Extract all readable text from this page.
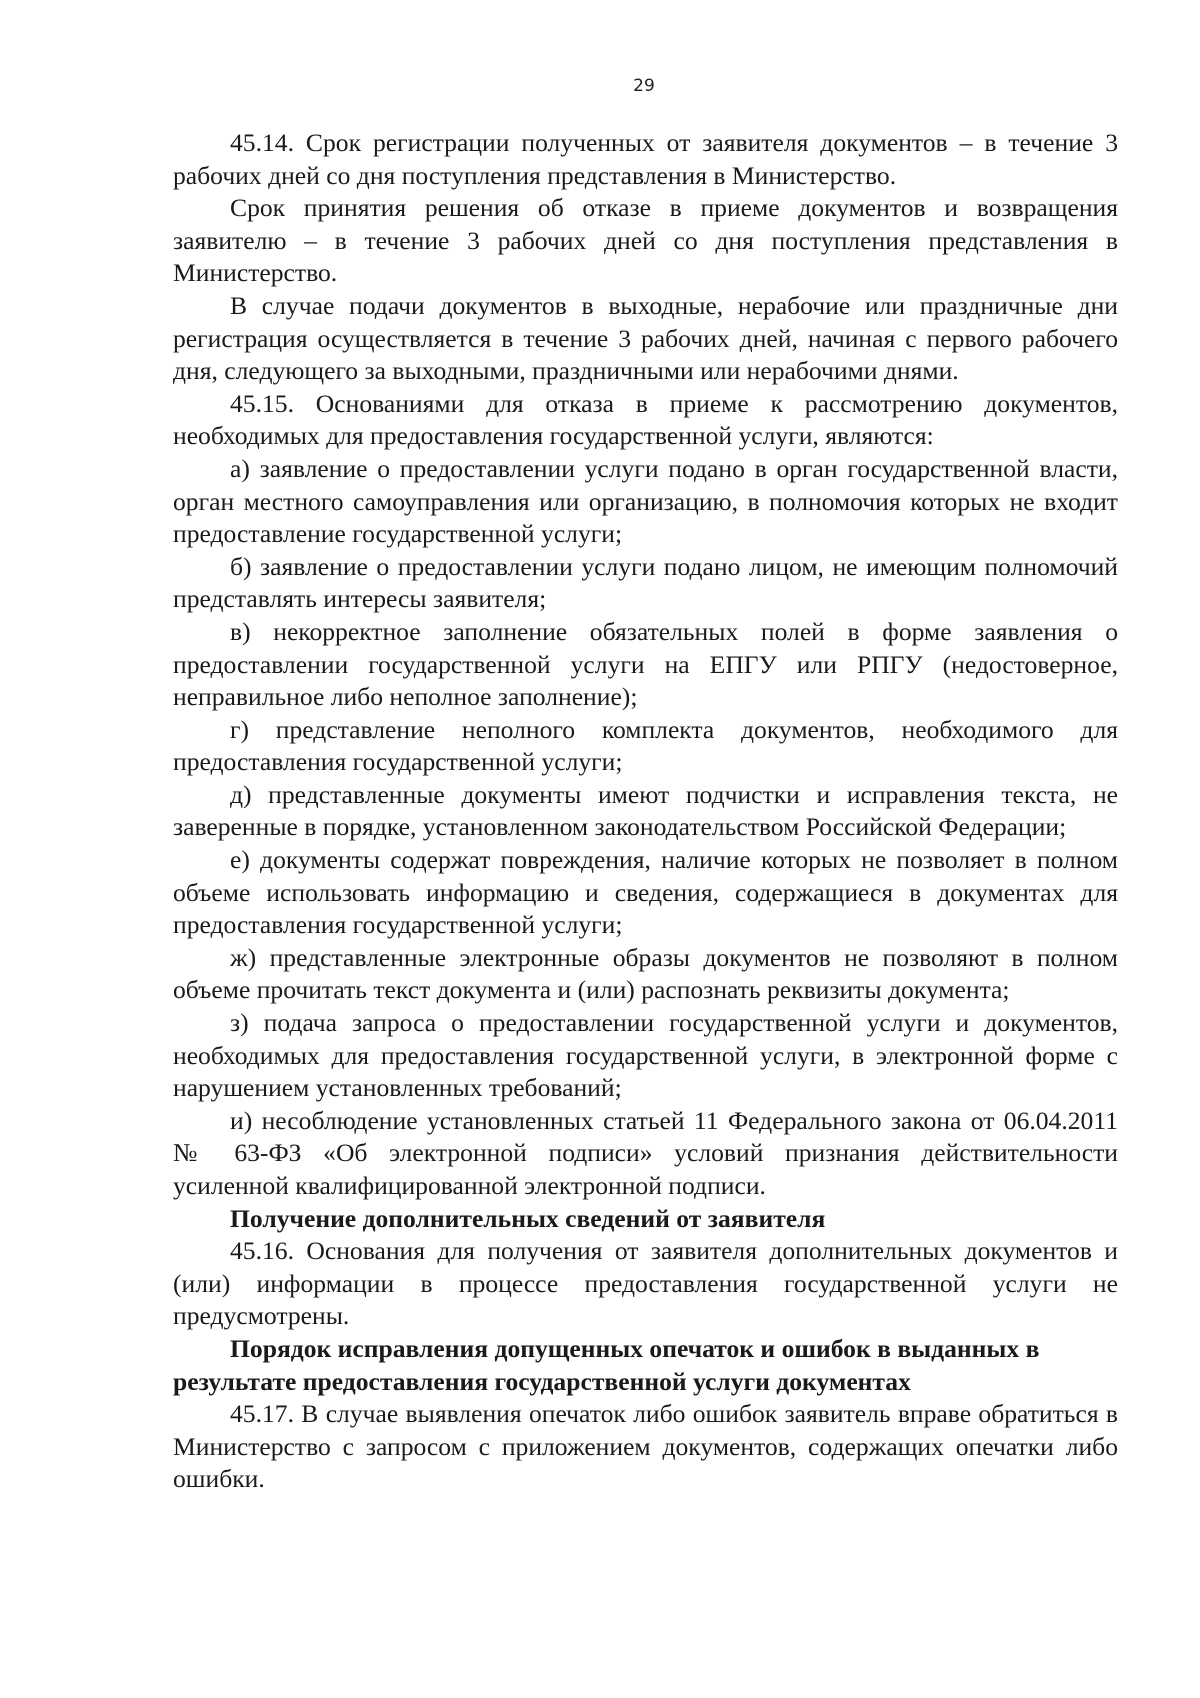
29

45.14. Срок регистрации полученных от заявителя документов – в течение 3 рабочих дней со дня поступления представления в Министерство.

Срок принятия решения об отказе в приеме документов и возвращения заявителю – в течение 3 рабочих дней со дня поступления представления в Министерство.

В случае подачи документов в выходные, нерабочие или праздничные дни регистрация осуществляется в течение 3 рабочих дней, начиная с первого рабочего дня, следующего за выходными, праздничными или нерабочими днями.

45.15. Основаниями для отказа в приеме к рассмотрению документов, необходимых для предоставления государственной услуги, являются:

а) заявление о предоставлении услуги подано в орган государственной власти, орган местного самоуправления или организацию, в полномочия которых не входит предоставление государственной услуги;

б) заявление о предоставлении услуги подано лицом, не имеющим полномочий представлять интересы заявителя;

в) некорректное заполнение обязательных полей в форме заявления о предоставлении государственной услуги на ЕПГУ или РПГУ (недостоверное, неправильное либо неполное заполнение);

г) представление неполного комплекта документов, необходимого для предоставления государственной услуги;

д) представленные документы имеют подчистки и исправления текста, не заверенные в порядке, установленном законодательством Российской Федерации;

е) документы содержат повреждения, наличие которых не позволяет в полном объеме использовать информацию и сведения, содержащиеся в документах для предоставления государственной услуги;

ж) представленные электронные образы документов не позволяют в полном объеме прочитать текст документа и (или) распознать реквизиты документа;

з) подача запроса о предоставлении государственной услуги и документов, необходимых для предоставления государственной услуги, в электронной форме с нарушением установленных требований;

и) несоблюдение установленных статьей 11 Федерального закона от 06.04.2011 № 63-ФЗ «Об электронной подписи» условий признания действительности усиленной квалифицированной электронной подписи.

Получение дополнительных сведений от заявителя

45.16. Основания для получения от заявителя дополнительных документов и (или) информации в процессе предоставления государственной услуги не предусмотрены.

Порядок исправления допущенных опечаток и ошибок в выданных в результате предоставления государственной услуги документах

45.17. В случае выявления опечаток либо ошибок заявитель вправе обратиться в Министерство с запросом с приложением документов, содержащих опечатки либо ошибки.
